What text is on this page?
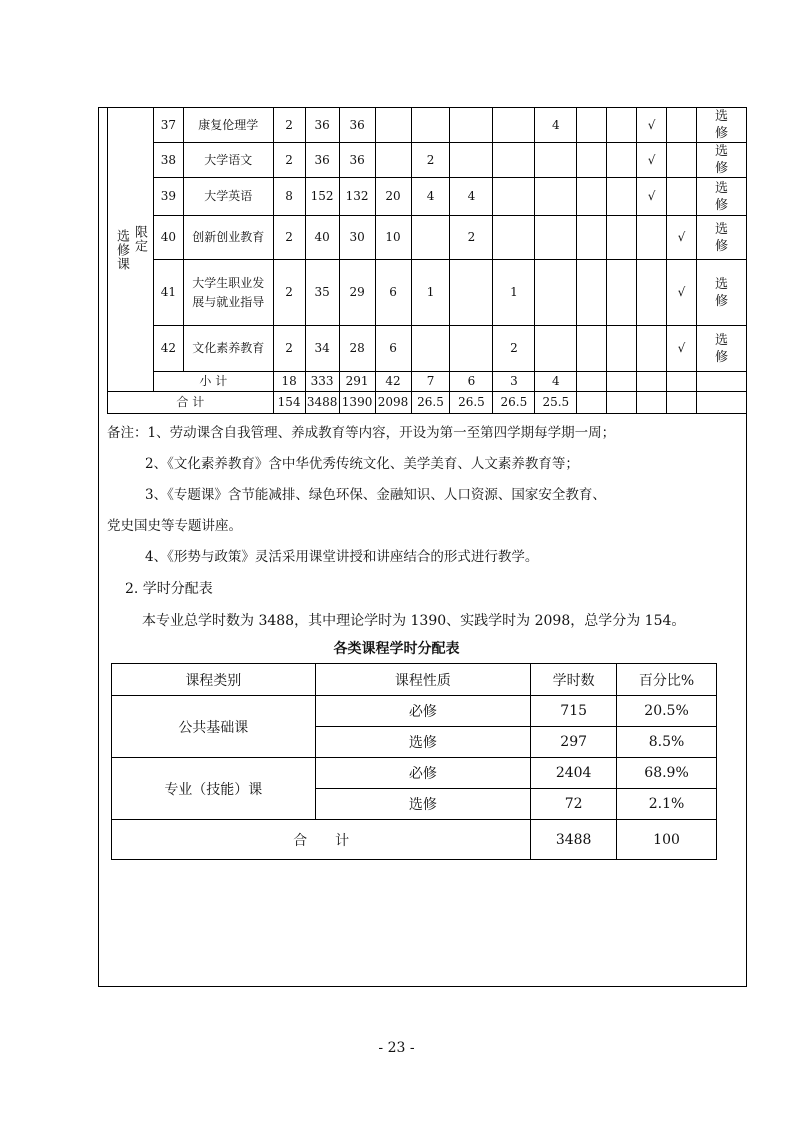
选修课 限定	37	康复伦理学	2	36	36					4			√		选修
	38	大学语文	2	36	36		2						√		选修
	39	大学英语	8	152	132	20	4	4					√		选修
	40	创新创业教育	2	40	30	10		2						√	选修
	41	大学生职业发展与就业指导	2	35	29	6	1		1					√	选修
	42	文化素养教育	2	34	28	6			2					√	选修
	小 计		18	333	291	42	7	6	3	4					
合 计			154	3488	1390	2098	26.5	26.5	26.5	25.5					
备注：1、劳动课含自我管理、养成教育等内容，开设为第一至第四学期每学期一周；
2、《文化素养教育》含中华优秀传统文化、美学美育、人文素养教育等；
3、《专题课》含节能减排、绿色环保、金融知识、人口资源、国家安全教育、
党史国史等专题讲座。
4、《形势与政策》灵活采用课堂讲授和讲座结合的形式进行教学。
2. 学时分配表
本专业总学时数为 3488，其中理论学时为 1390、实践学时为 2098，总学分为 154。
各类课程学时分配表
课程类别	课程性质	学时数	百分比%
公共基础课	必修	715	20.5%
	选修	297	8.5%
专业（技能）课	必修	2404	68.9%
	选修	72	2.1%
合　　计		3488	100
- 23 -
